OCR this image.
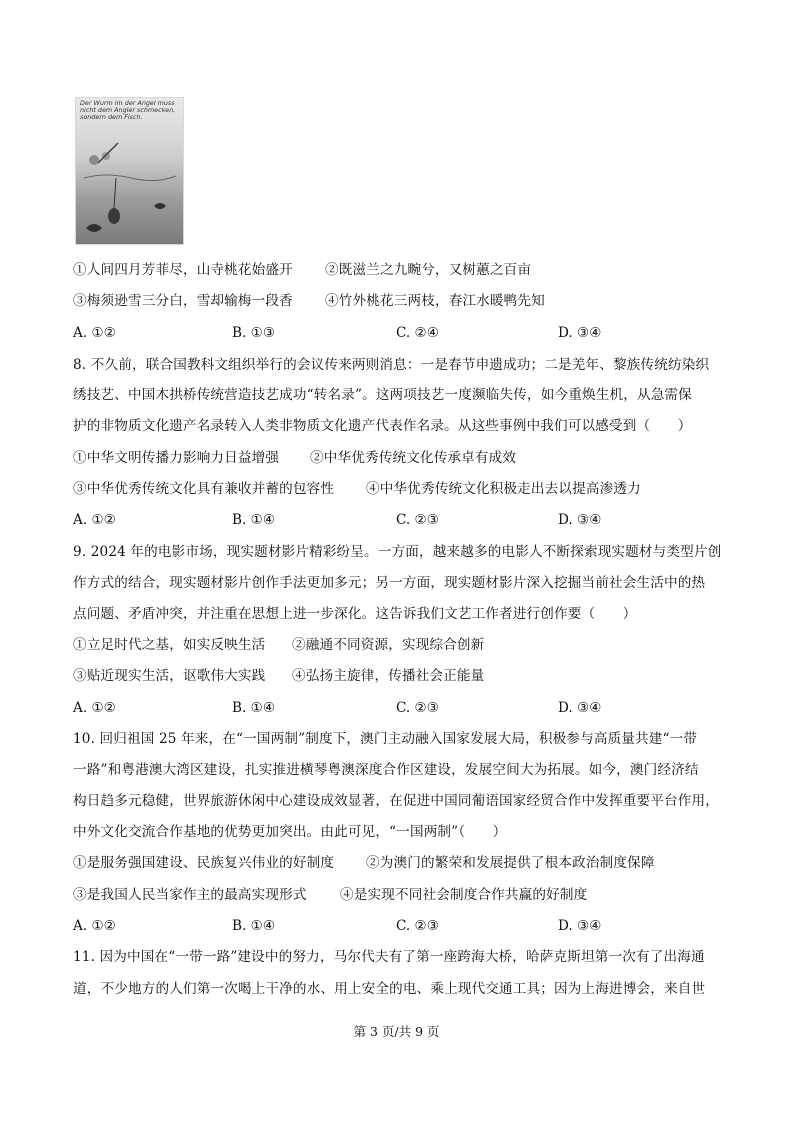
Der Wurm im der Angel muss nicht dem Angler schmecken, sondern dem Fisch.
①人间四月芳菲尽，山寺桃花始盛开 ②既滋兰之九畹兮，又树蕙之百亩
③梅须逊雪三分白，雪却输梅一段香 ④竹外桃花三两枝，春江水暖鸭先知
A. ①②	B. ①③	C. ②④	D. ③④
8. 不久前，联合国教科文组织举行的会议传来两则消息：一是春节申遗成功；二是羌年、黎族传统纺染织
绣技艺、中国木拱桥传统营造技艺成功“转名录”。这两项技艺一度濒临失传，如今重焕生机，从急需保
护的非物质文化遗产名录转入人类非物质文化遗产代表作名录。从这些事例中我们可以感受到（　　）
①中华文明传播力影响力日益增强 ②中华优秀传统文化传承卓有成效
③中华优秀传统文化具有兼收并蓄的包容性 ④中华优秀传统文化积极走出去以提高渗透力
A. ①②	B. ①④	C. ②③	D. ③④
9. 2024 年的电影市场，现实题材影片精彩纷呈。一方面，越来越多的电影人不断探索现实题材与类型片创
作方式的结合，现实题材影片创作手法更加多元；另一方面，现实题材影片深入挖掘当前社会生活中的热
点问题、矛盾冲突，并注重在思想上进一步深化。这告诉我们文艺工作者进行创作要（　　）
①立足时代之基，如实反映生活 ②融通不同资源，实现综合创新
③贴近现实生活，讴歌伟大实践 ④弘扬主旋律，传播社会正能量
A. ①②	B. ①④	C. ②③	D. ③④
10. 回归祖国 25 年来，在“一国两制”制度下，澳门主动融入国家发展大局，积极参与高质量共建“一带
一路”和粤港澳大湾区建设，扎实推进横琴粤澳深度合作区建设，发展空间大为拓展。如今，澳门经济结
构日趋多元稳健，世界旅游休闲中心建设成效显著，在促进中国同葡语国家经贸合作中发挥重要平台作用，
中外文化交流合作基地的优势更加突出。由此可见，“一国两制”（　　）
①是服务强国建设、民族复兴伟业的好制度 ②为澳门的繁荣和发展提供了根本政治制度保障
③是我国人民当家作主的最高实现形式 ④是实现不同社会制度合作共赢的好制度
A. ①②	B. ①④	C. ②③	D. ③④
11. 因为中国在“一带一路”建设中的努力，马尔代夫有了第一座跨海大桥，哈萨克斯坦第一次有了出海通
道，不少地方的人们第一次喝上干净的水、用上安全的电、乘上现代交通工具；因为上海进博会，来自世
第 3 页/共 9 页
